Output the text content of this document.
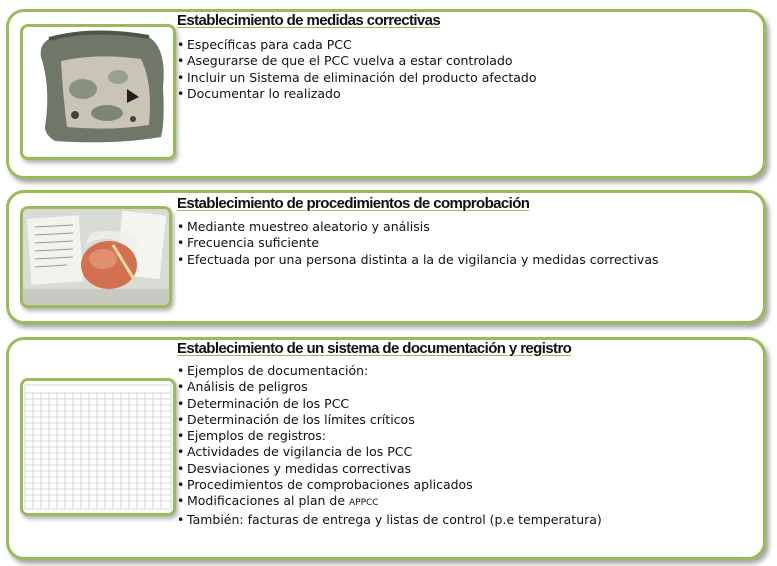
Establecimiento de medidas correctivas
• Específicas para cada PCC
• Asegurarse de que el PCC vuelva a estar controlado
• Incluir un Sistema de eliminación del producto afectado
• Documentar lo realizado
Establecimiento de procedimientos de comprobación
• Mediante muestreo aleatorio y análisis
• Frecuencia suficiente
• Efectuada por una persona distinta a la de vigilancia y medidas correctivas
Establecimiento de un sistema de documentación y registro
• Ejemplos de documentación:
• Análisis de peligros
• Determinación de los PCC
• Determinación de los límites críticos
• Ejemplos de registros:
• Actividades de vigilancia de los PCC
• Desviaciones y medidas correctivas
• Procedimientos de comprobaciones aplicados
• Modificaciones al plan de APPCC
• También: facturas de entrega y listas de control (p.e temperatura)
